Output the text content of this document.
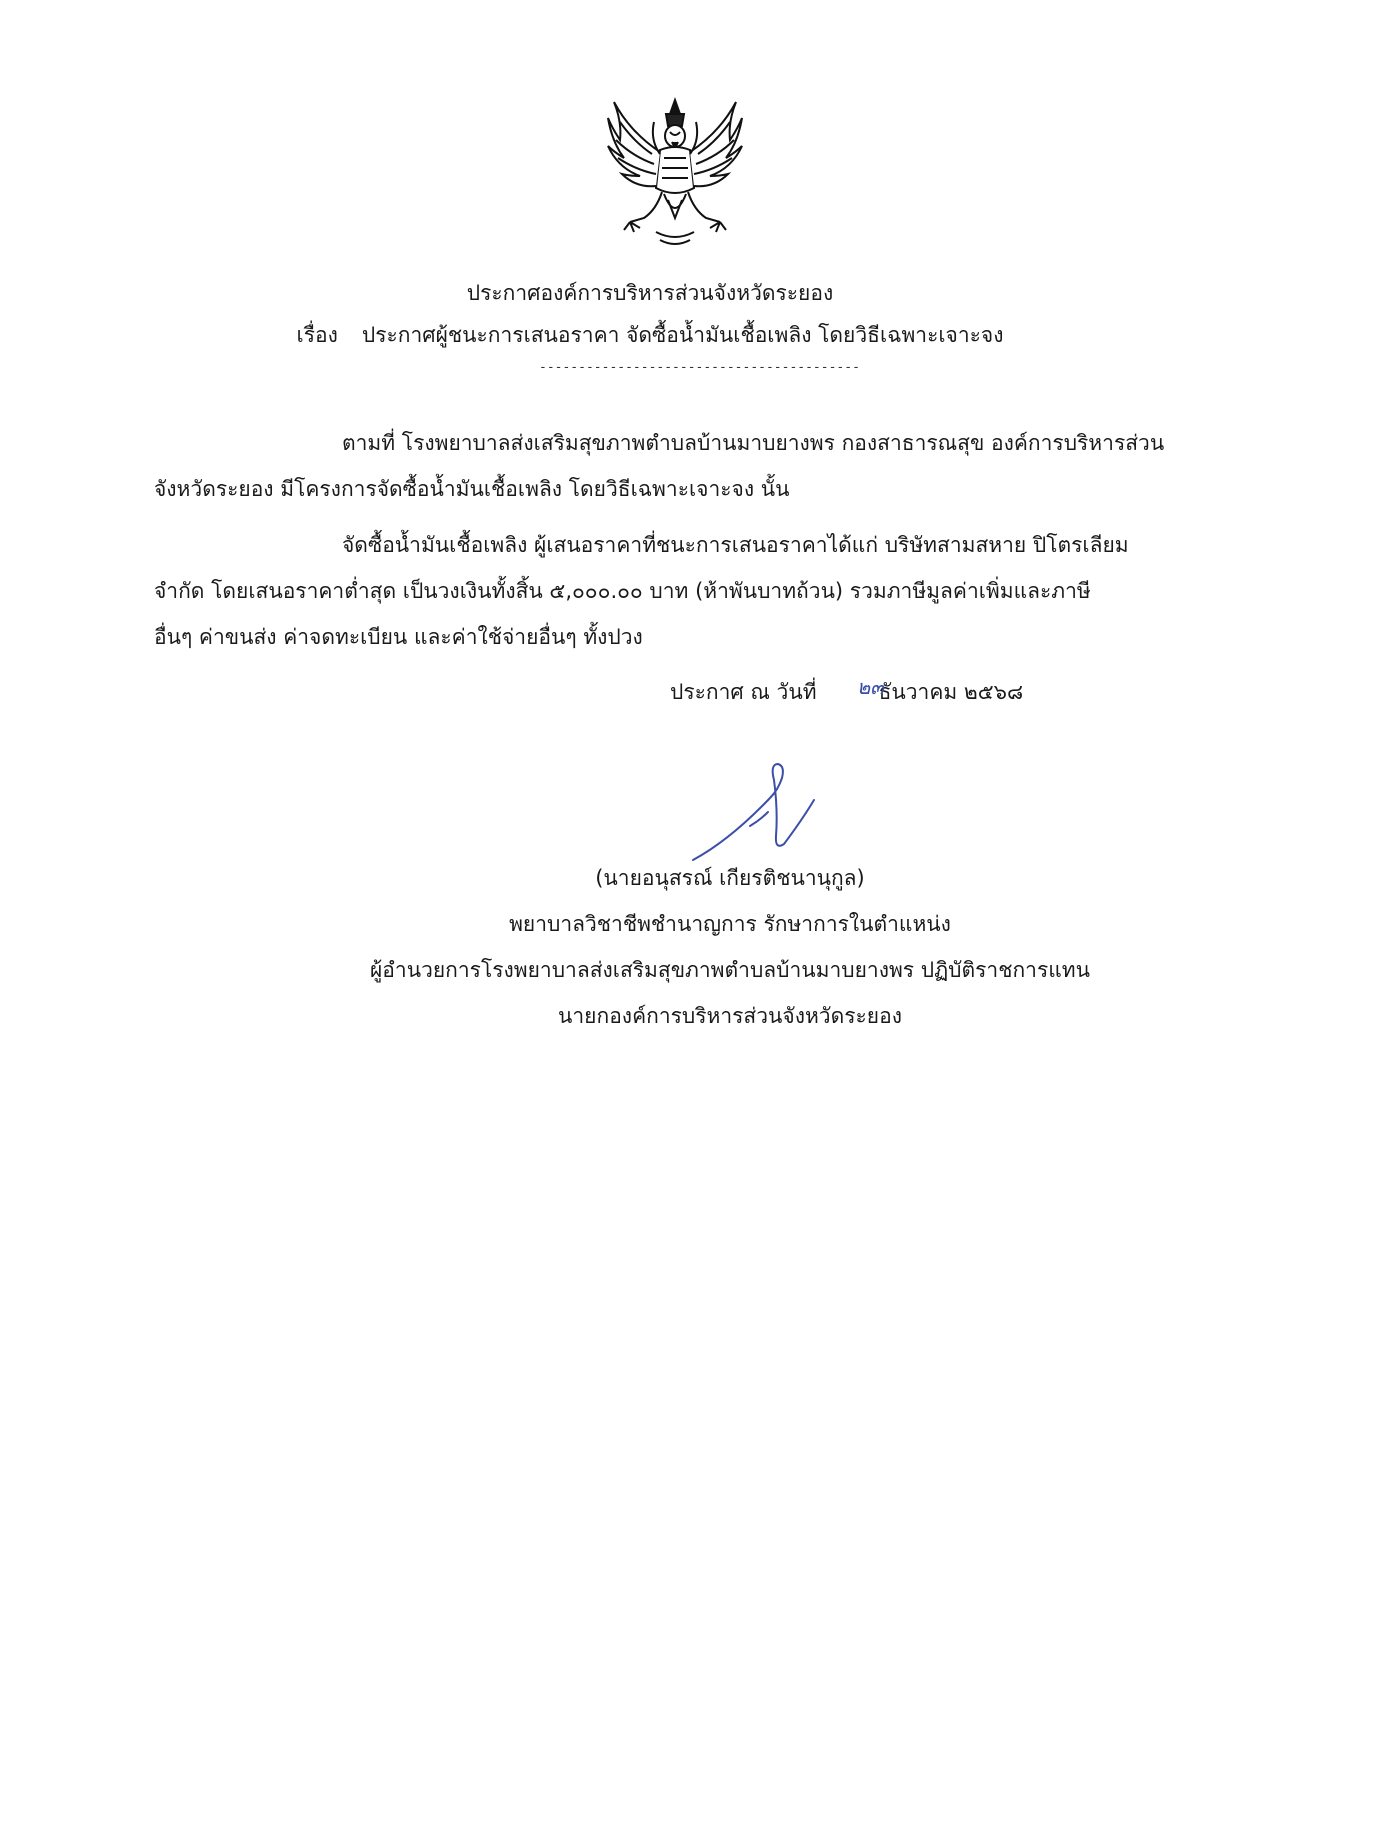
ประกาศองค์การบริหารส่วนจังหวัดระยอง
เรื่อง ประกาศผู้ชนะการเสนอราคา จัดซื้อน้ำมันเชื้อเพลิง โดยวิธีเฉพาะเจาะจง
-----------------------------------------
ตามที่ โรงพยาบาลส่งเสริมสุขภาพตำบลบ้านมาบยางพร กองสาธารณสุข องค์การบริหารส่วน
จังหวัดระยอง มีโครงการจัดซื้อน้ำมันเชื้อเพลิง โดยวิธีเฉพาะเจาะจง นั้น
จัดซื้อน้ำมันเชื้อเพลิง ผู้เสนอราคาที่ชนะการเสนอราคาได้แก่ บริษัทสามสหาย ปิโตรเลียม
จำกัด โดยเสนอราคาต่ำสุด เป็นวงเงินทั้งสิ้น ๕,๐๐๐.๐๐ บาท (ห้าพันบาทถ้วน) รวมภาษีมูลค่าเพิ่มและภาษี
อื่นๆ ค่าขนส่ง ค่าจดทะเบียน และค่าใช้จ่ายอื่นๆ ทั้งปวง
ประกาศ ณ วันที่	ธันวาคม ๒๕๖๘
๒๓
(นายอนุสรณ์ เกียรติชนานุกูล)
พยาบาลวิชาชีพชำนาญการ รักษาการในตำแหน่ง
ผู้อำนวยการโรงพยาบาลส่งเสริมสุขภาพตำบลบ้านมาบยางพร ปฏิบัติราชการแทน
นายกองค์การบริหารส่วนจังหวัดระยอง
